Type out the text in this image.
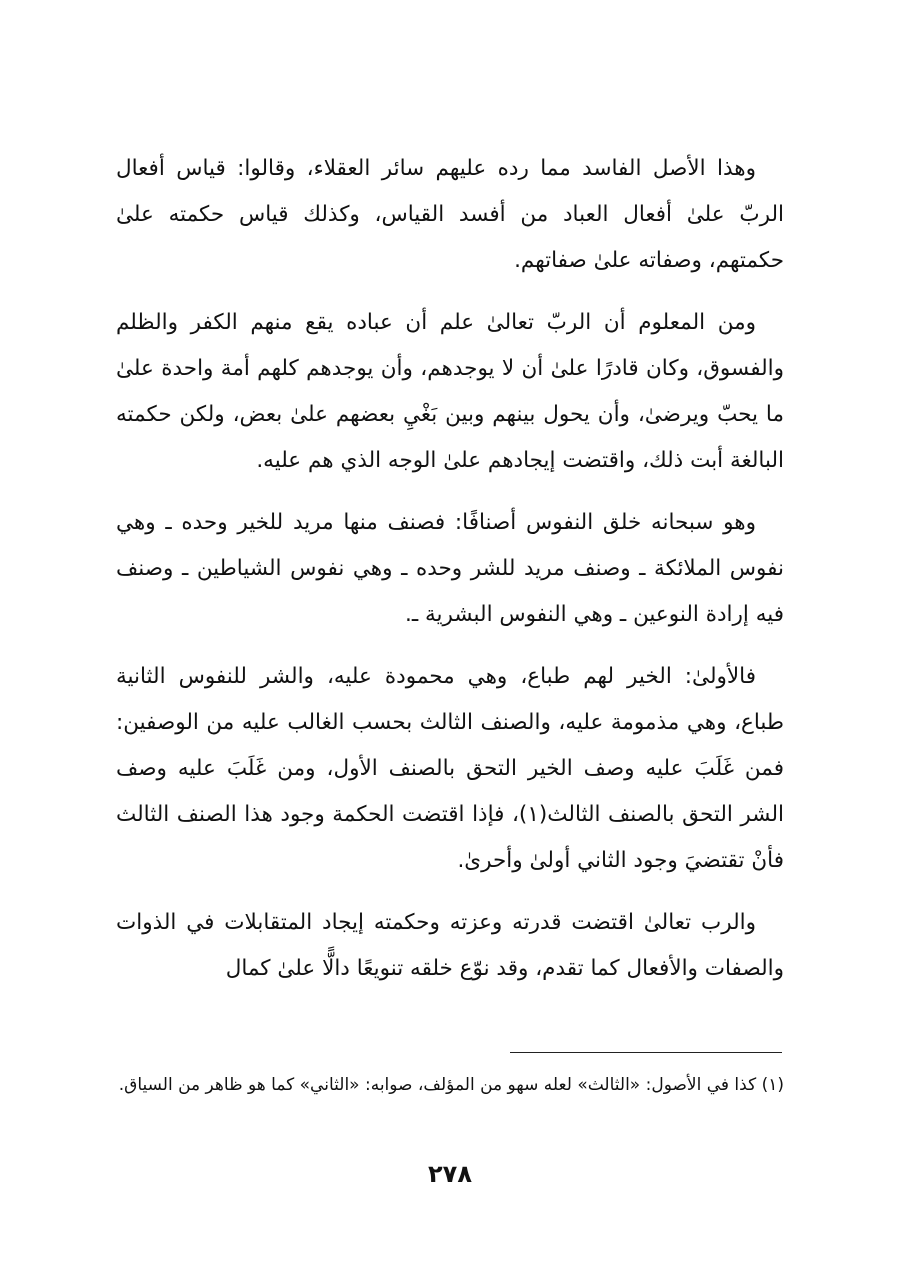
وهذا الأصل الفاسد مما رده عليهم سائر العقلاء، وقالوا: قياس أفعال الربّ علىٰ أفعال العباد من أفسد القياس، وكذلك قياس حكمته علىٰ حكمتهم، وصفاته علىٰ صفاتهم.

ومن المعلوم أن الربّ تعالىٰ علم أن عباده يقع منهم الكفر والظلم والفسوق، وكان قادرًا علىٰ أن لا يوجدهم، وأن يوجدهم كلهم أمة واحدة علىٰ ما يحبّ ويرضىٰ، وأن يحول بينهم وبين بَغْيِ بعضهم علىٰ بعض، ولكن حكمته البالغة أبت ذلك، واقتضت إيجادهم علىٰ الوجه الذي هم عليه.

وهو سبحانه خلق النفوس أصنافًا: فصنف منها مريد للخير وحده ـ وهي نفوس الملائكة ـ وصنف مريد للشر وحده ـ وهي نفوس الشياطين ـ وصنف فيه إرادة النوعين ـ وهي النفوس البشرية ـ.

فالأولىٰ: الخير لهم طباع، وهي محمودة عليه، والشر للنفوس الثانية طباع، وهي مذمومة عليه، والصنف الثالث بحسب الغالب عليه من الوصفين: فمن غَلَبَ عليه وصف الخير التحق بالصنف الأول، ومن غَلَبَ عليه وصف الشر التحق بالصنف الثالث(١)، فإذا اقتضت الحكمة وجود هذا الصنف الثالث فأنْ تقتضيَ وجود الثاني أولىٰ وأحرىٰ.

والرب تعالىٰ اقتضت قدرته وعزته وحكمته إيجاد المتقابلات في الذوات والصفات والأفعال كما تقدم، وقد نوّع خلقه تنويعًا دالًّا علىٰ كمال

(١) كذا في الأصول: «الثالث» لعله سهو من المؤلف، صوابه: «الثاني» كما هو ظاهر من السياق.
٢٧٨
